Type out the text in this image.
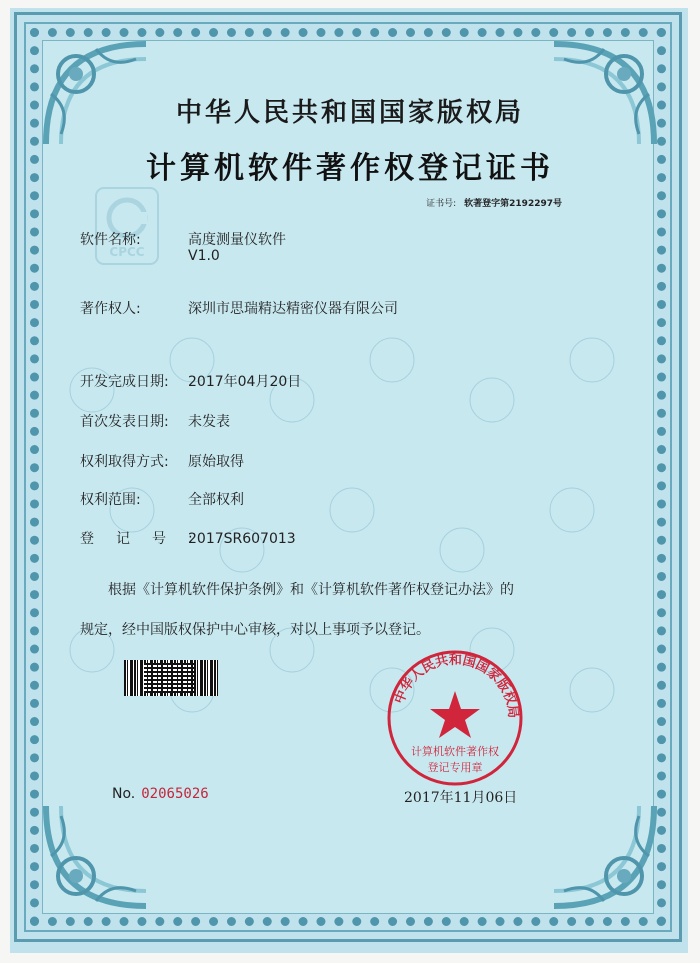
CPCC
中华人民共和国国家版权局
计算机软件著作权登记证书
证书号: 软著登字第2192297号
软件名称:	高度测量仪软件
V1.0
著作权人:	深圳市思瑞精达精密仪器有限公司
开发完成日期: 2017年04月20日
首次发表日期: 未发表
权利取得方式: 原始取得
权利范围:	全部权利
登记号:2017SR607013
根据《计算机软件保护条例》和《计算机软件著作权登记办法》的
规定，经中国版权保护中心审核，对以上事项予以登记。
中华人民共和国国家版权局
计算机软件著作权
登记专用章
No. 02065026	2017年11月06日
